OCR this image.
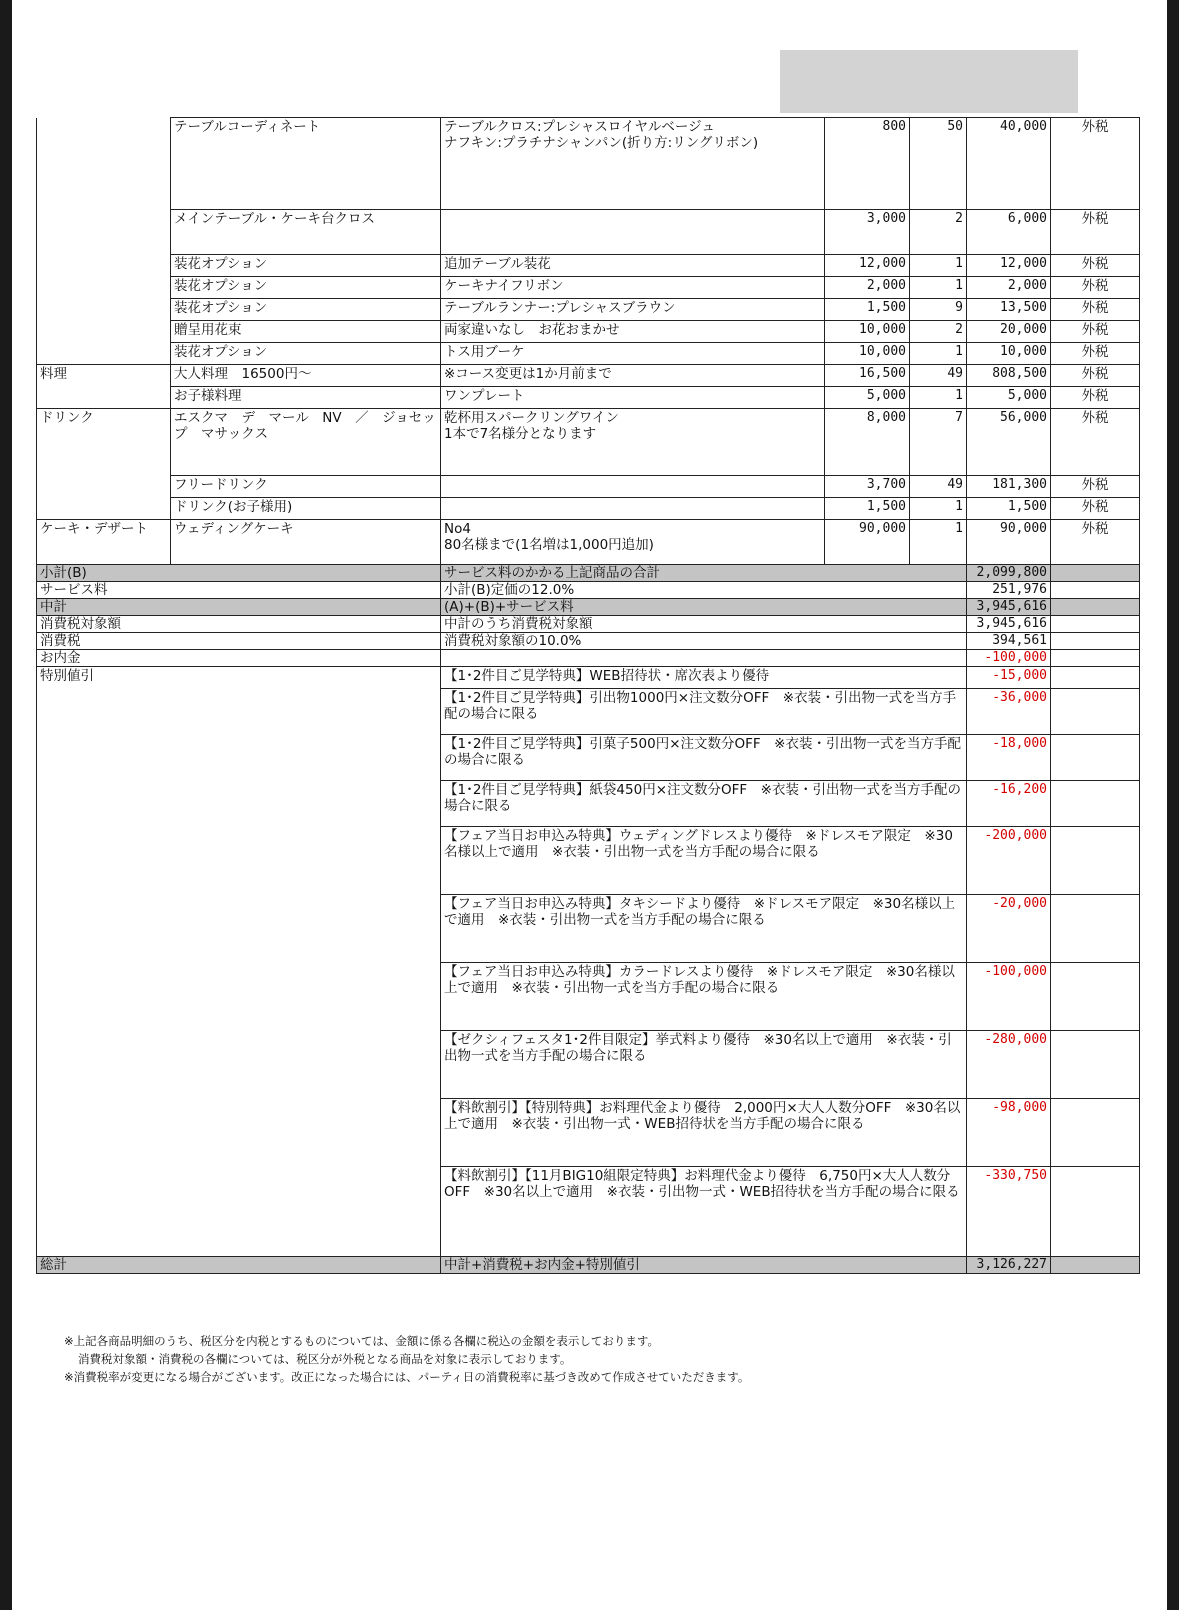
	テーブルコーディネート	テーブルクロス:プレシャスロイヤルベージュ
ナフキン:プラチナシャンパン(折り方:リングリボン)	800	50	40,000	外税
	メインテーブル・ケーキ台クロス		3,000	2	6,000	外税
	装花オプション	追加テーブル装花	12,000	1	12,000	外税
	装花オプション	ケーキナイフリボン	2,000	1	2,000	外税
	装花オプション	テーブルランナー:プレシャスブラウン	1,500	9	13,500	外税
	贈呈用花束	両家違いなし　お花おまかせ	10,000	2	20,000	外税
	装花オプション	トス用ブーケ	10,000	1	10,000	外税
料理	大人料理　16500円～	※コース変更は1か月前まで	16,500	49	808,500	外税
	お子様料理	ワンプレート	5,000	1	5,000	外税
ドリンク	エスクマ　デ　マール　NV　／　ジョセップ　マサックス	乾杯用スパークリングワイン
1本で7名様分となります	8,000	7	56,000	外税
	フリードリンク		3,700	49	181,300	外税
	ドリンク(お子様用)		1,500	1	1,500	外税
ケーキ・デザート	ウェディングケーキ	No4
80名様まで(1名増は1,000円追加)	90,000	1	90,000	外税
小計(B)		サービス料のかかる上記商品の合計			2,099,800	
サービス料		小計(B)定価の12.0%			251,976	
中計		(A)+(B)+サービス料			3,945,616	
消費税対象額		中計のうち消費税対象額			3,945,616	
消費税		消費税対象額の10.0%			394,561	
お内金					-100,000	
特別値引		【1･2件目ご見学特典】WEB招待状・席次表より優待			-15,000	
		【1･2件目ご見学特典】引出物1000円×注文数分OFF　※衣装・引出物一式を当方手配の場合に限る			-36,000	
		【1･2件目ご見学特典】引菓子500円×注文数分OFF　※衣装・引出物一式を当方手配の場合に限る			-18,000	
		【1･2件目ご見学特典】紙袋450円×注文数分OFF　※衣装・引出物一式を当方手配の場合に限る			-16,200	
		【フェア当日お申込み特典】ウェディングドレスより優待　※ドレスモア限定　※30名様以上で適用　※衣装・引出物一式を当方手配の場合に限る			-200,000	
		【フェア当日お申込み特典】タキシードより優待　※ドレスモア限定　※30名様以上で適用　※衣装・引出物一式を当方手配の場合に限る			-20,000	
		【フェア当日お申込み特典】カラードレスより優待　※ドレスモア限定　※30名様以上で適用　※衣装・引出物一式を当方手配の場合に限る			-100,000	
		【ゼクシィフェスタ1･2件目限定】挙式料より優待　※30名以上で適用　※衣装・引出物一式を当方手配の場合に限る			-280,000	
		【料飲割引】【特別特典】お料理代金より優待　2,000円×大人人数分OFF　※30名以上で適用　※衣装・引出物一式・WEB招待状を当方手配の場合に限る			-98,000	
		【料飲割引】【11月BIG10組限定特典】お料理代金より優待　6,750円×大人人数分OFF　※30名以上で適用　※衣装・引出物一式・WEB招待状を当方手配の場合に限る			-330,750	
総計		中計+消費税+お内金+特別値引			3,126,227	
※上記各商品明細のうち、税区分を内税とするものについては、金額に係る各欄に税込の金額を表示しております。
消費税対象額・消費税の各欄については、税区分が外税となる商品を対象に表示しております。
※消費税率が変更になる場合がございます。改正になった場合には、パーティ日の消費税率に基づき改めて作成させていただきます。
